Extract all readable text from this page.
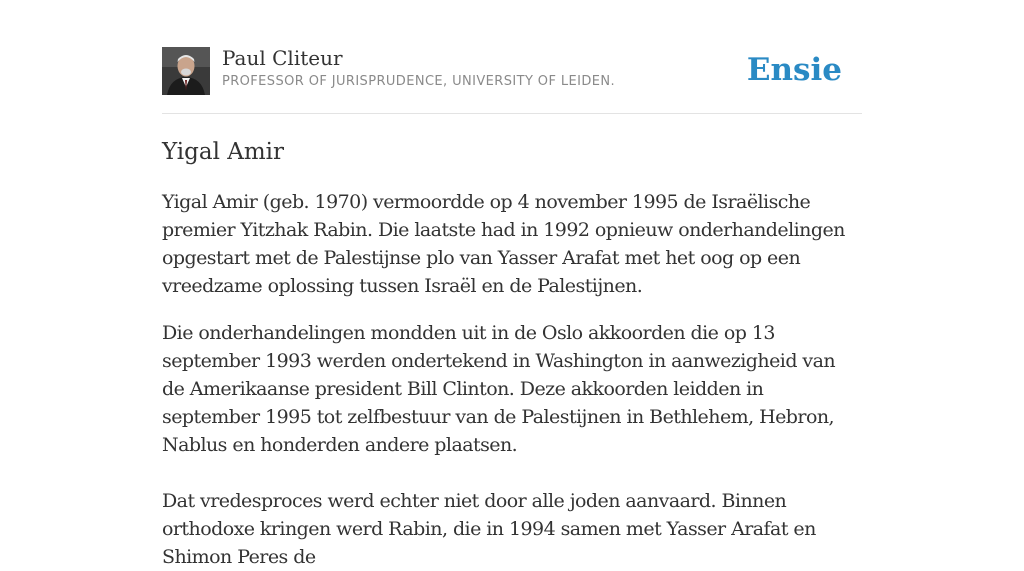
Paul Cliteur
PROFESSOR OF JURISPRUDENCE, UNIVERSITY OF LEIDEN.	Ensie
Yigal Amir

Yigal Amir (geb. 1970) vermoordde op 4 november 1995 de Israëlische premier Yitzhak Rabin. Die laatste had in 1992 opnieuw onderhandelingen opgestart met de Palestijnse plo van Yasser Arafat met het oog op een vreedzame oplossing tussen Israël en de Palestijnen.

Die onderhandelingen mondden uit in de Oslo akkoorden die op 13 september 1993 werden ondertekend in Washington in aanwezigheid van de Amerikaanse president Bill Clinton. Deze akkoorden leidden in september 1995 tot zelfbestuur van de Palestijnen in Bethlehem, Hebron, Nablus en honderden andere plaatsen.

Dat vredesproces werd echter niet door alle joden aanvaard. Binnen orthodoxe kringen werd Rabin, die in 1994 samen met Yasser Arafat en Shimon Peres de
